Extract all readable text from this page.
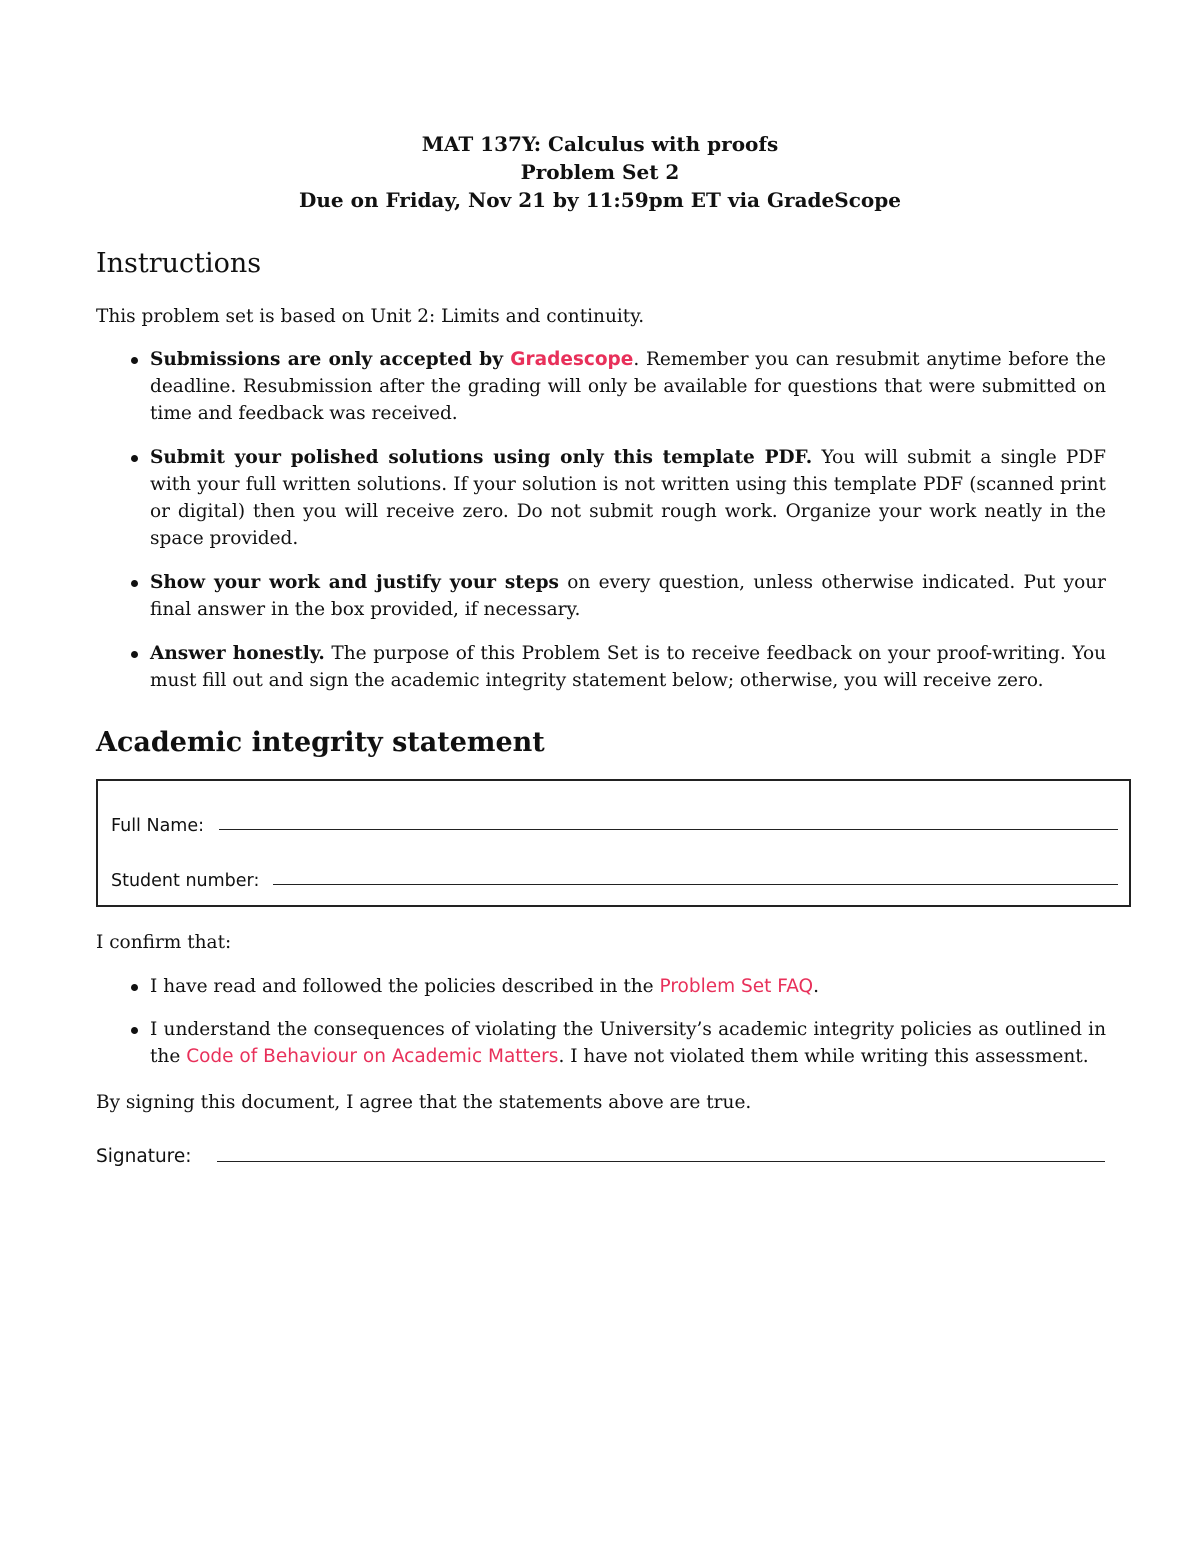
MAT 137Y: Calculus with proofs
Problem Set 2
Due on Friday, Nov 21 by 11:59pm ET via GradeScope
Instructions

This problem set is based on Unit 2: Limits and continuity.

Submissions are only accepted by Gradescope. Remember you can resubmit anytime before the deadline. Resubmission after the grading will only be available for questions that were submitted on time and feedback was received.
Submit your polished solutions using only this template PDF. You will submit a single PDF with your full written solutions. If your solution is not written using this template PDF (scanned print or digital) then you will receive zero. Do not submit rough work. Organize your work neatly in the space provided.
Show your work and justify your steps on every question, unless otherwise indicated. Put your final answer in the box provided, if necessary.
Answer honestly. The purpose of this Problem Set is to receive feedback on your proof-writing. You must fill out and sign the academic integrity statement below; otherwise, you will receive zero.
Academic integrity statement
Full Name:
Student number:

I confirm that:

I have read and followed the policies described in the Problem Set FAQ.
I understand the consequences of violating the University’s academic integrity policies as outlined in the Code of Behaviour on Academic Matters. I have not violated them while writing this assessment.

By signing this document, I agree that the statements above are true.

Signature:
